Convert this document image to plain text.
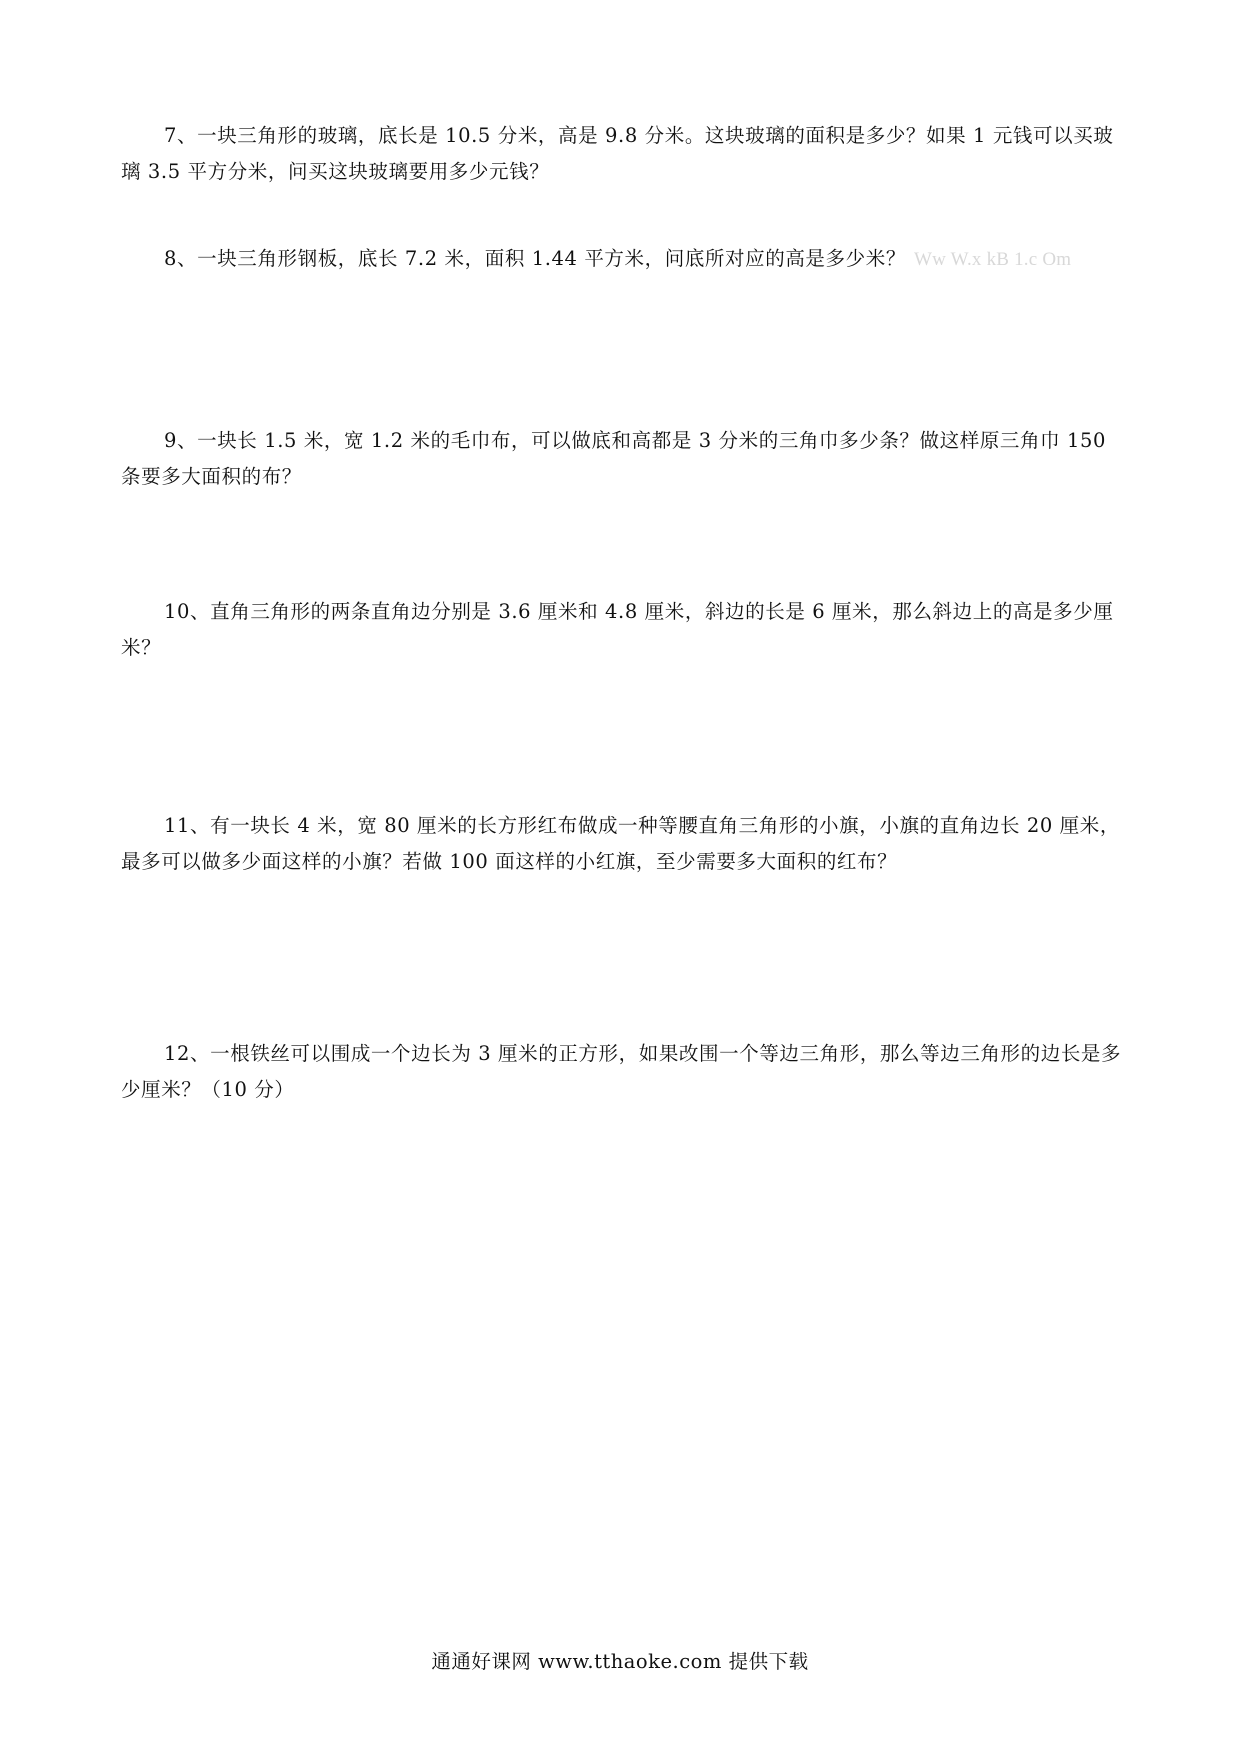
7、一块三角形的玻璃，底长是 10.5 分米，高是 9.8 分米。这块玻璃的面积是多少？如果 1 元钱可以买玻璃 3.5 平方分米，问买这块玻璃要用多少元钱？

8、一块三角形钢板，底长 7.2 米，面积 1.44 平方米，问底所对应的高是多少米？ Ww W.x kB 1.c Om

9、一块长 1.5 米，宽 1.2 米的毛巾布，可以做底和高都是 3 分米的三角巾多少条？做这样原三角巾 150 条要多大面积的布？

10、直角三角形的两条直角边分别是 3.6 厘米和 4.8 厘米，斜边的长是 6 厘米，那么斜边上的高是多少厘米？

11、有一块长 4 米，宽 80 厘米的长方形红布做成一种等腰直角三角形的小旗，小旗的直角边长 20 厘米，最多可以做多少面这样的小旗？若做 100 面这样的小红旗，至少需要多大面积的红布？

12、一根铁丝可以围成一个边长为 3 厘米的正方形，如果改围一个等边三角形，那么等边三角形的边长是多少厘米？（10 分）

通通好课网 www.tthaoke.com 提供下载
